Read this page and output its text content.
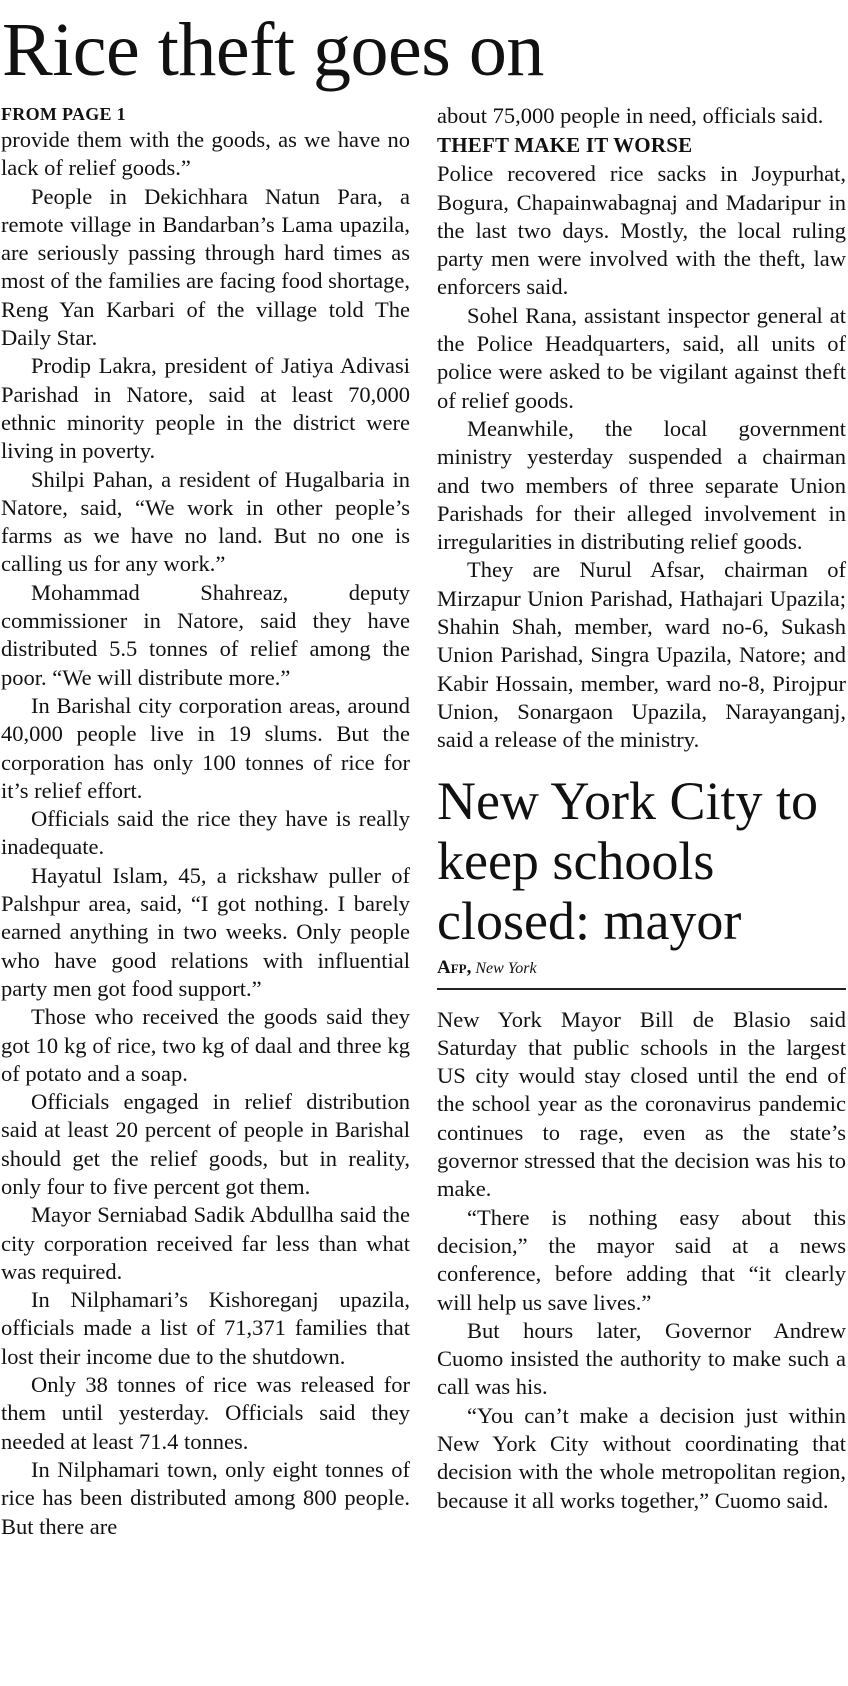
Rice theft goes on
FROM PAGE 1

provide them with the goods, as we have no lack of relief goods.”

People in Dekichhara Natun Para, a remote village in Bandarban’s Lama upazila, are seriously passing through hard times as most of the families are facing food shortage, Reng Yan Karbari of the village told The Daily Star.

Prodip Lakra, president of Jatiya Adivasi Parishad in Natore, said at least 70,000 ethnic minority people in the district were living in poverty.

Shilpi Pahan, a resident of Hugalbaria in Natore, said, “We work in other people’s farms as we have no land. But no one is calling us for any work.”

Mohammad Shahreaz, deputy commissioner in Natore, said they have distributed 5.5 tonnes of relief among the poor. “We will distribute more.”

In Barishal city corporation areas, around 40,000 people live in 19 slums. But the corporation has only 100 tonnes of rice for it’s relief effort.

Officials said the rice they have is really inadequate.

Hayatul Islam, 45, a rickshaw puller of Palshpur area, said, “I got nothing. I barely earned anything in two weeks. Only people who have good relations with influential party men got food support.”

Those who received the goods said they got 10 kg of rice, two kg of daal and three kg of potato and a soap.

Officials engaged in relief distribution said at least 20 percent of people in Barishal should get the relief goods, but in reality, only four to five percent got them.

Mayor Serniabad Sadik Abdullha said the city corporation received far less than what was required.

In Nilphamari’s Kishoreganj upazila, officials made a list of 71,371 families that lost their income due to the shutdown.

Only 38 tonnes of rice was released for them until yesterday. Officials said they needed at least 71.4 tonnes.

In Nilphamari town, only eight tonnes of rice has been distributed among 800 people. But there are

about 75,000 people in need, officials said.

THEFT MAKE IT WORSE

Police recovered rice sacks in Joypurhat, Bogura, Chapainwabagnaj and Madaripur in the last two days. Mostly, the local ruling party men were involved with the theft, law enforcers said.

Sohel Rana, assistant inspector general at the Police Headquarters, said, all units of police were asked to be vigilant against theft of relief goods.

Meanwhile, the local government ministry yesterday suspended a chairman and two members of three separate Union Parishads for their alleged involvement in irregularities in distributing relief goods.

They are Nurul Afsar, chairman of Mirzapur Union Parishad, Hathajari Upazila; Shahin Shah, member, ward no-6, Sukash Union Parishad, Singra Upazila, Natore; and Kabir Hossain, member, ward no-8, Pirojpur Union, Sonargaon Upazila, Narayanganj, said a release of the ministry.

New York City to keep schools closed: mayor
Afp, New York

New York Mayor Bill de Blasio said Saturday that public schools in the largest US city would stay closed until the end of the school year as the coronavirus pandemic continues to rage, even as the state’s governor stressed that the decision was his to make.

“There is nothing easy about this decision,” the mayor said at a news conference, before adding that “it clearly will help us save lives.”

But hours later, Governor Andrew Cuomo insisted the authority to make such a call was his.

“You can’t make a decision just within New York City without coordinating that decision with the whole metropolitan region, because it all works together,” Cuomo said.
